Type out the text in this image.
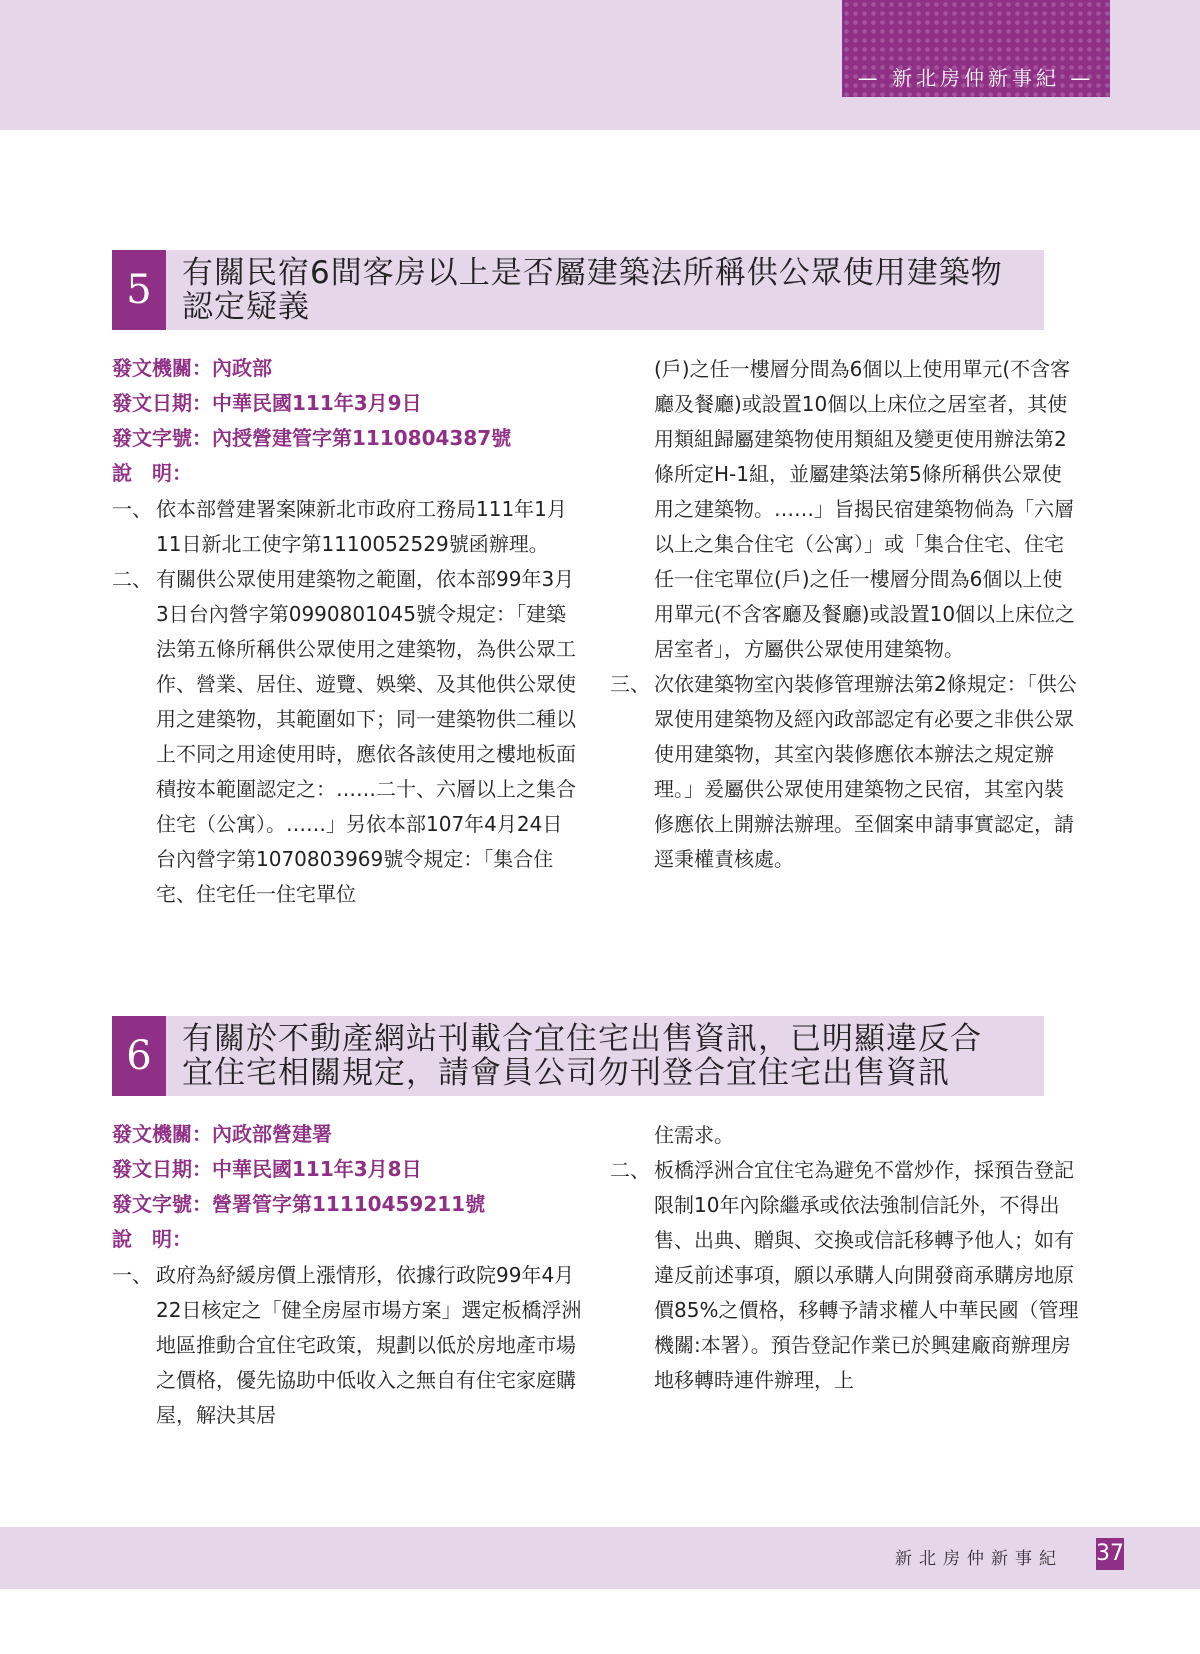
— 新北房仲新事紀 —
5 有關民宿6間客房以上是否屬建築法所稱供公眾使用建築物
認定疑義
發文機關：內政部
發文日期：中華民國111年3月9日
發文字號：內授營建管字第1110804387號
說　明：
一、 依本部營建署案陳新北市政府工務局111年1月11日新北工使字第1110052529號函辦理。
二、 有關供公眾使用建築物之範圍，依本部99年3月3日台內營字第0990801045號令規定：「建築法第五條所稱供公眾使用之建築物，為供公眾工作、營業、居住、遊覽、娛樂、及其他供公眾使用之建築物，其範圍如下；同一建築物供二種以上不同之用途使用時，應依各該使用之樓地板面積按本範圍認定之：……二十、六層以上之集合住宅（公寓）。……」另依本部107年4月24日台內營字第1070803969號令規定：「集合住宅、住宅任一住宅單位
(戶)之任一樓層分間為6個以上使用單元(不含客廳及餐廳)或設置10個以上床位之居室者，其使用類組歸屬建築物使用類組及變更使用辦法第2條所定H-1組，並屬建築法第5條所稱供公眾使用之建築物。……」旨揭民宿建築物倘為「六層以上之集合住宅（公寓）」或「集合住宅、住宅任一住宅單位(戶)之任一樓層分間為6個以上使用單元(不含客廳及餐廳)或設置10個以上床位之居室者」，方屬供公眾使用建築物。
三、 次依建築物室內裝修管理辦法第2條規定：「供公眾使用建築物及經內政部認定有必要之非供公眾使用建築物，其室內裝修應依本辦法之規定辦理。」爰屬供公眾使用建築物之民宿，其室內裝修應依上開辦法辦理。至個案申請事實認定，請逕秉權責核處。
6 有關於不動產網站刊載合宜住宅出售資訊，已明顯違反合
宜住宅相關規定，請會員公司勿刊登合宜住宅出售資訊
發文機關：內政部營建署
發文日期：中華民國111年3月8日
發文字號：營署管字第11110459211號
說　明：
一、 政府為紓緩房價上漲情形，依據行政院99年4月22日核定之「健全房屋市場方案」選定板橋浮洲地區推動合宜住宅政策，規劃以低於房地產市場之價格，優先協助中低收入之無自有住宅家庭購屋，解決其居
住需求。
二、 板橋浮洲合宜住宅為避免不當炒作，採預告登記限制10年內除繼承或依法強制信託外，不得出售、出典、贈與、交換或信託移轉予他人；如有違反前述事項，願以承購人向開發商承購房地原價85%之價格，移轉予請求權人中華民國（管理機關:本署）。預告登記作業已於興建廠商辦理房地移轉時連件辦理，上
新北房仲新事紀 37
